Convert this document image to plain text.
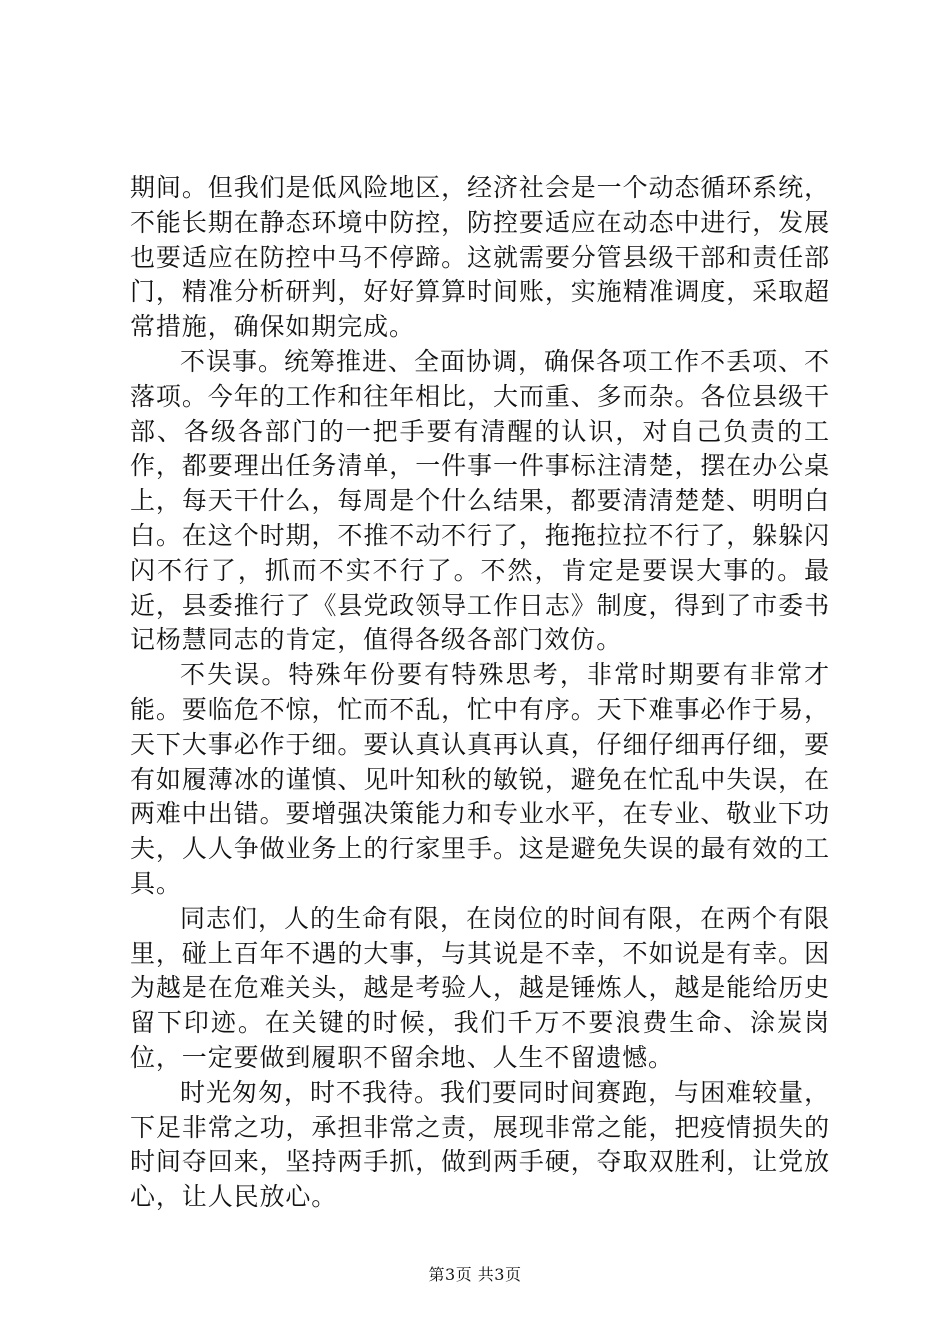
期间。但我们是低风险地区，经济社会是一个动态循环系统，不能长期在静态环境中防控，防控要适应在动态中进行，发展也要适应在防控中马不停蹄。这就需要分管县级干部和责任部门，精准分析研判，好好算算时间账，实施精准调度，采取超常措施，确保如期完成。

不误事。统筹推进、全面协调，确保各项工作不丢项、不落项。今年的工作和往年相比，大而重、多而杂。各位县级干部、各级各部门的一把手要有清醒的认识，对自己负责的工作，都要理出任务清单，一件事一件事标注清楚，摆在办公桌上，每天干什么，每周是个什么结果，都要清清楚楚、明明白白。在这个时期，不推不动不行了，拖拖拉拉不行了，躲躲闪闪不行了，抓而不实不行了。不然，肯定是要误大事的。最近，县委推行了《县党政领导工作日志》制度，得到了市委书记杨慧同志的肯定，值得各级各部门效仿。

不失误。特殊年份要有特殊思考，非常时期要有非常才能。要临危不惊，忙而不乱，忙中有序。天下难事必作于易，天下大事必作于细。要认真认真再认真，仔细仔细再仔细，要有如履薄冰的谨慎、见叶知秋的敏锐，避免在忙乱中失误，在两难中出错。要增强决策能力和专业水平，在专业、敬业下功夫，人人争做业务上的行家里手。这是避免失误的最有效的工具。

同志们，人的生命有限，在岗位的时间有限，在两个有限里，碰上百年不遇的大事，与其说是不幸，不如说是有幸。因为越是在危难关头，越是考验人，越是锤炼人，越是能给历史留下印迹。在关键的时候，我们千万不要浪费生命、涂炭岗位，一定要做到履职不留余地、人生不留遗憾。

时光匆匆，时不我待。我们要同时间赛跑，与困难较量，下足非常之功，承担非常之责，展现非常之能，把疫情损失的时间夺回来，坚持两手抓，做到两手硬，夺取双胜利，让党放心，让人民放心。

第3页 共3页
